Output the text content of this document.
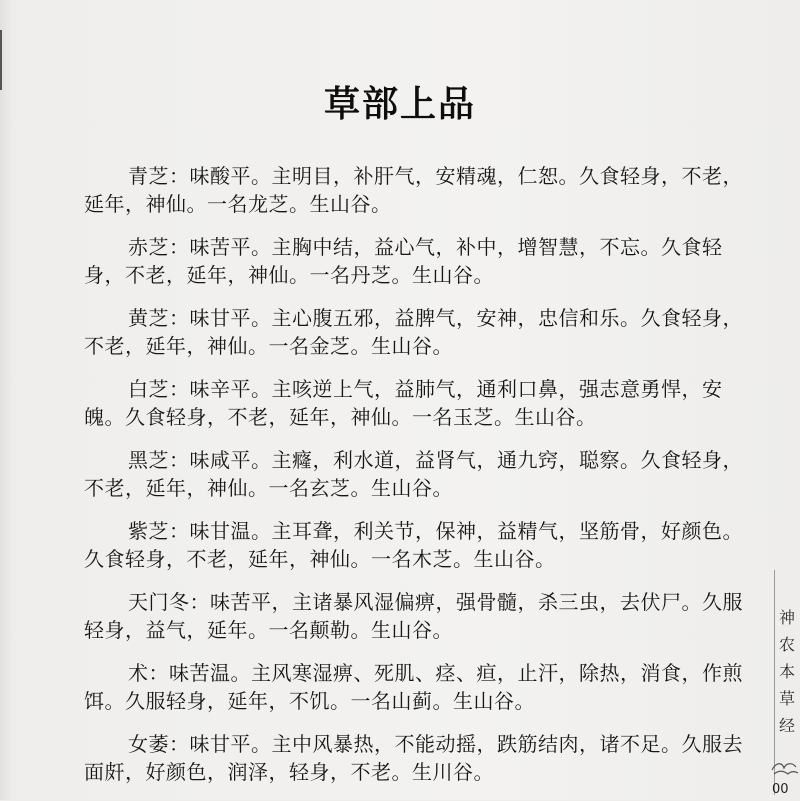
草部上品
青芝：味酸平。主明目，补肝气，安精魂，仁恕。久食轻身，不老，
延年，神仙。一名龙芝。生山谷。
赤芝：味苦平。主胸中结，益心气，补中，增智慧，不忘。久食轻
身，不老，延年，神仙。一名丹芝。生山谷。
黄芝：味甘平。主心腹五邪，益脾气，安神，忠信和乐。久食轻身，
不老，延年，神仙。一名金芝。生山谷。
白芝：味辛平。主咳逆上气，益肺气，通利口鼻，强志意勇悍，安
魄。久食轻身，不老，延年，神仙。一名玉芝。生山谷。
黑芝：味咸平。主癃，利水道，益肾气，通九窍，聪察。久食轻身，
不老，延年，神仙。一名玄芝。生山谷。
紫芝：味甘温。主耳聋，利关节，保神，益精气，坚筋骨，好颜色。
久食轻身，不老，延年，神仙。一名木芝。生山谷。
天门冬：味苦平，主诸暴风湿偏痹，强骨髓，杀三虫，去伏尸。久服
轻身，益气，延年。一名颠勒。生山谷。
术：味苦温。主风寒湿痹、死肌、痉、疸，止汗，除热，消食，作煎
饵。久服轻身，延年，不饥。一名山蓟。生山谷。
女萎：味甘平。主中风暴热，不能动摇，跌筋结肉，诸不足。久服去
面皯，好颜色，润泽，轻身，不老。生川谷。
神
农
本
草
经
00
